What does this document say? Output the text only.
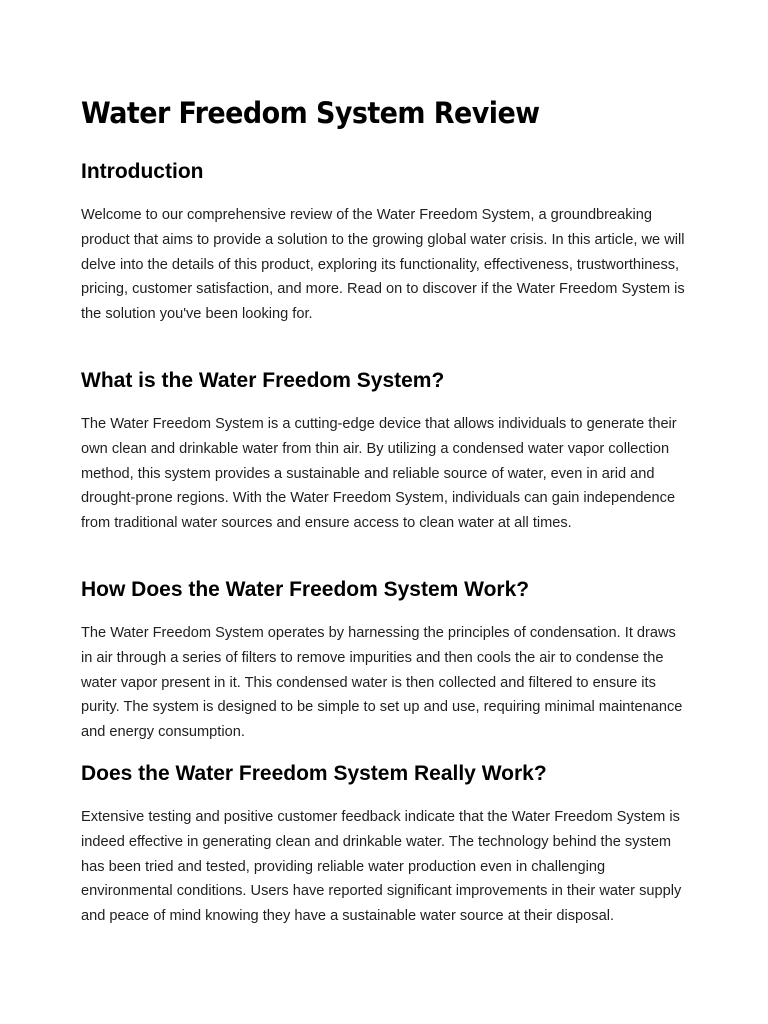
Water Freedom System Review
Introduction

Welcome to our comprehensive review of the Water Freedom System, a groundbreaking product that aims to provide a solution to the growing global water crisis. In this article, we will delve into the details of this product, exploring its functionality, effectiveness, trustworthiness, pricing, customer satisfaction, and more. Read on to discover if the Water Freedom System is the solution you've been looking for.

What is the Water Freedom System?

The Water Freedom System is a cutting-edge device that allows individuals to generate their own clean and drinkable water from thin air. By utilizing a condensed water vapor collection method, this system provides a sustainable and reliable source of water, even in arid and drought-prone regions. With the Water Freedom System, individuals can gain independence from traditional water sources and ensure access to clean water at all times.

How Does the Water Freedom System Work?

The Water Freedom System operates by harnessing the principles of condensation. It draws in air through a series of filters to remove impurities and then cools the air to condense the water vapor present in it. This condensed water is then collected and filtered to ensure its purity. The system is designed to be simple to set up and use, requiring minimal maintenance and energy consumption.

Does the Water Freedom System Really Work?

Extensive testing and positive customer feedback indicate that the Water Freedom System is indeed effective in generating clean and drinkable water. The technology behind the system has been tried and tested, providing reliable water production even in challenging environmental conditions. Users have reported significant improvements in their water supply and peace of mind knowing they have a sustainable water source at their disposal.
